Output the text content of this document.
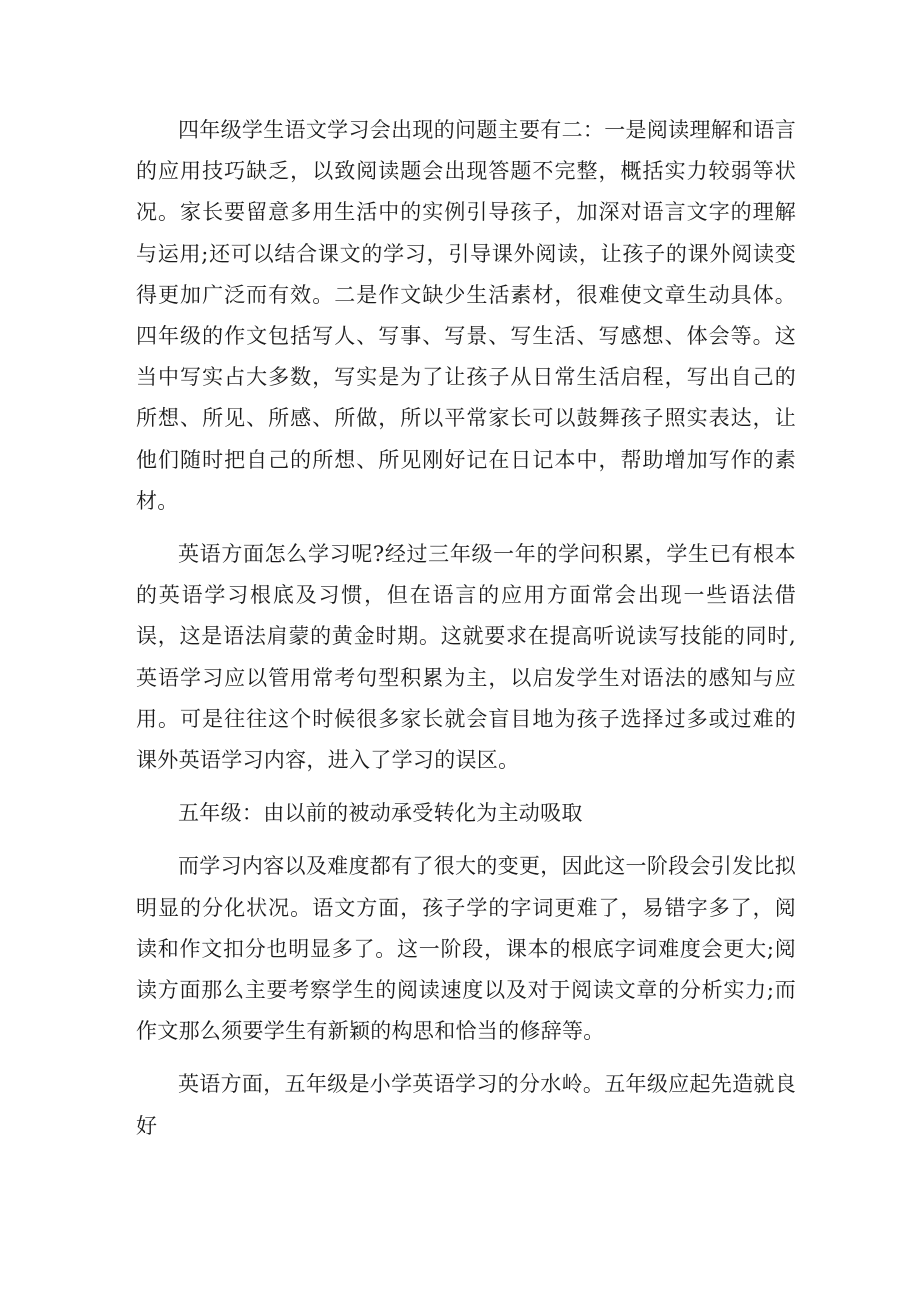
四年级学生语文学习会出现的问题主要有二：一是阅读理解和语言的应用技巧缺乏，以致阅读题会出现答题不完整，概括实力较弱等状况。家长要留意多用生活中的实例引导孩子，加深对语言文字的理解与运用;还可以结合课文的学习，引导课外阅读，让孩子的课外阅读变得更加广泛而有效。二是作文缺少生活素材，很难使文章生动具体。四年级的作文包括写人、写事、写景、写生活、写感想、体会等。这当中写实占大多数，写实是为了让孩子从日常生活启程，写出自己的所想、所见、所感、所做，所以平常家长可以鼓舞孩子照实表达，让他们随时把自己的所想、所见刚好记在日记本中，帮助增加写作的素材。

英语方面怎么学习呢?经过三年级一年的学问积累，学生已有根本的英语学习根底及习惯，但在语言的应用方面常会出现一些语法借误，这是语法肩蒙的黄金时期。这就要求在提高听说读写技能的同时,英语学习应以管用常考句型积累为主，以启发学生对语法的感知与应用。可是往往这个时候很多家长就会盲目地为孩子选择过多或过难的课外英语学习内容，进入了学习的误区。

五年级：由以前的被动承受转化为主动吸取

而学习内容以及难度都有了很大的变更，因此这一阶段会引发比拟明显的分化状况。语文方面，孩子学的字词更难了，易错字多了，阅读和作文扣分也明显多了。这一阶段，课本的根底字词难度会更大;阅读方面那么主要考察学生的阅读速度以及对于阅读文章的分析实力;而作文那么须要学生有新颖的构思和恰当的修辞等。

英语方面，五年级是小学英语学习的分水岭。五年级应起先造就良好
